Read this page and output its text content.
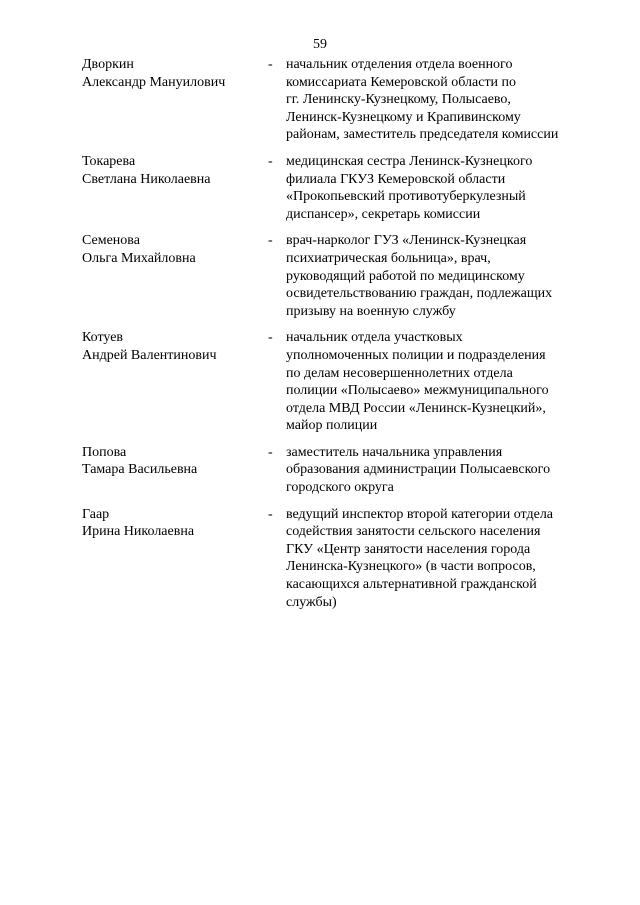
59
Дворкин
Александр Мануилович
- начальник отделения отдела военного
комиссариата Кемеровской области по
гг. Ленинску-Кузнецкому, Полысаево,
Ленинск-Кузнецкому и Крапивинскому
районам, заместитель председателя комиссии
Токарева
Светлана Николаевна
- медицинская сестра Ленинск-Кузнецкого
филиала ГКУЗ Кемеровской области
«Прокопьевский противотуберкулезный
диспансер», секретарь комиссии
Семенова
Ольга Михайловна
- врач-нарколог ГУЗ «Ленинск-Кузнецкая
психиатрическая больница», врач,
руководящий работой по медицинскому
освидетельствованию граждан, подлежащих
призыву на военную службу
Котуев
Андрей Валентинович
- начальник отдела участковых
уполномоченных полиции и подразделения
по делам несовершеннолетних отдела
полиции «Полысаево» межмуниципального
отдела МВД России «Ленинск-Кузнецкий»,
майор полиции
Попова
Тамара Васильевна
- заместитель начальника управления
образования администрации Полысаевского
городского округа
Гаар
Ирина Николаевна
- ведущий инспектор второй категории отдела
содействия занятости сельского населения
ГКУ «Центр занятости населения города
Ленинска-Кузнецкого» (в части вопросов,
касающихся альтернативной гражданской
службы)
